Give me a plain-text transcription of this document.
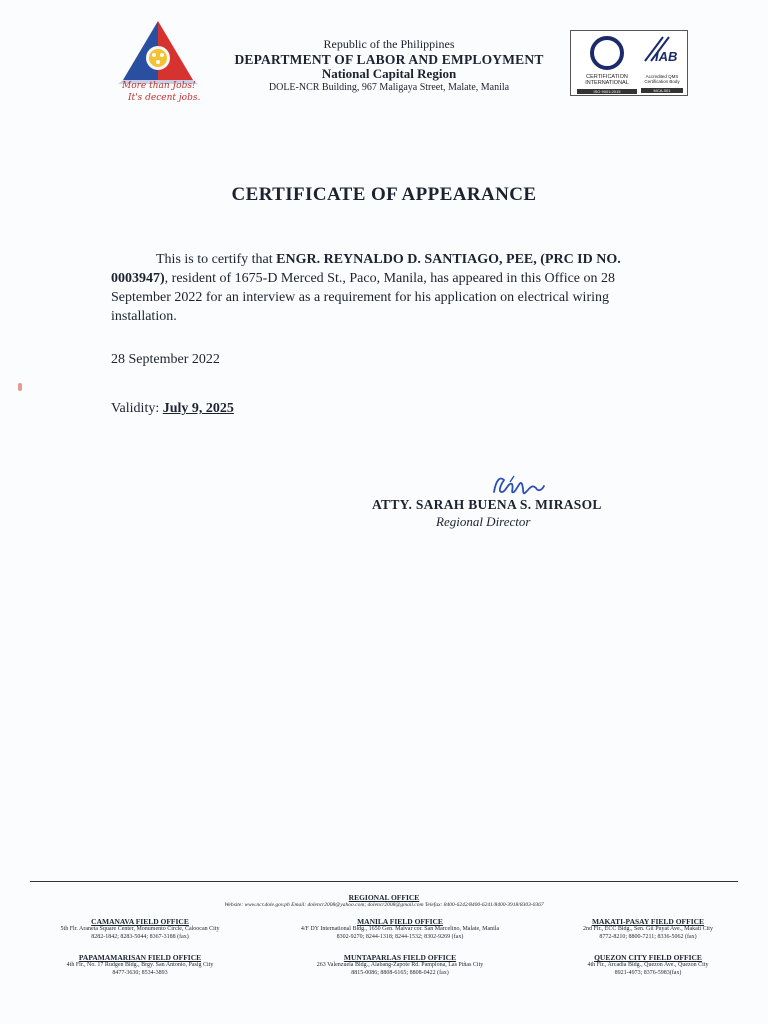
More than Jobs!
It's decent jobs.
Republic of the Philippines
DEPARTMENT OF LABOR AND EMPLOYMENT
National Capital Region
DOLE-NCR Building, 967 Maligaya Street, Malate, Manila
IAB
CERTIFICATION INTERNATIONAL
ISO 9001:2015
Accredited QMS Certification Body
MCA-001
CERTIFICATE OF APPEARANCE
This is to certify that ENGR. REYNALDO D. SANTIAGO, PEE, (PRC ID NO. 0003947), resident of 1675-D Merced St., Paco, Manila, has appeared in this Office on 28 September 2022 for an interview as a requirement for his application on electrical wiring installation.
28 September 2022
Validity: July 9, 2025
ATTY. SARAH BUENA S. MIRASOL
Regional Director
REGIONAL OFFICE
Website: www.ncr.dole.gov.ph Email: dolencr2008@yahoo.com; dolencr2008@gmail.com Telefax: 8400-6242/8400-6241/8400-3918/8303-0367
CAMANAVA FIELD OFFICE
5th Flr. Araneta Square Center, Monumento Circle, Caloocan City
8282-1842; 8283-5044; 8367-3188 (fax)
MANILA FIELD OFFICE
4/F DY International Bldg., 1650 Gen. Malvar cor. San Marcelino, Malate, Manila
8302-9270; 8244-1318; 8244-1532; 8302-9269 (fax)
MAKATI-PASAY FIELD OFFICE
2nd Flr., ECC Bldg., Sen. Gil Puyat Ave., Makati City
8772-8210; 8800-7211; 8336-5062 (fax)
PAPAMAMARISAN FIELD OFFICE
4th Flr., No. 17 Rudgen Bldg., Brgy. San Antonio, Pasig City
8477-3630; 8534-3893
MUNTAPARLAS FIELD OFFICE
263 Valenzuela Bldg., Alabang-Zapote Rd. Pamplona, Las Piñas City
8815-0086; 8808-6165; 8808-0422 (fax)
QUEZON CITY FIELD OFFICE
4th Flr., Arcadia Bldg., Quezon Ave., Quezon City
8921-4973; 8376-5983(fax)
